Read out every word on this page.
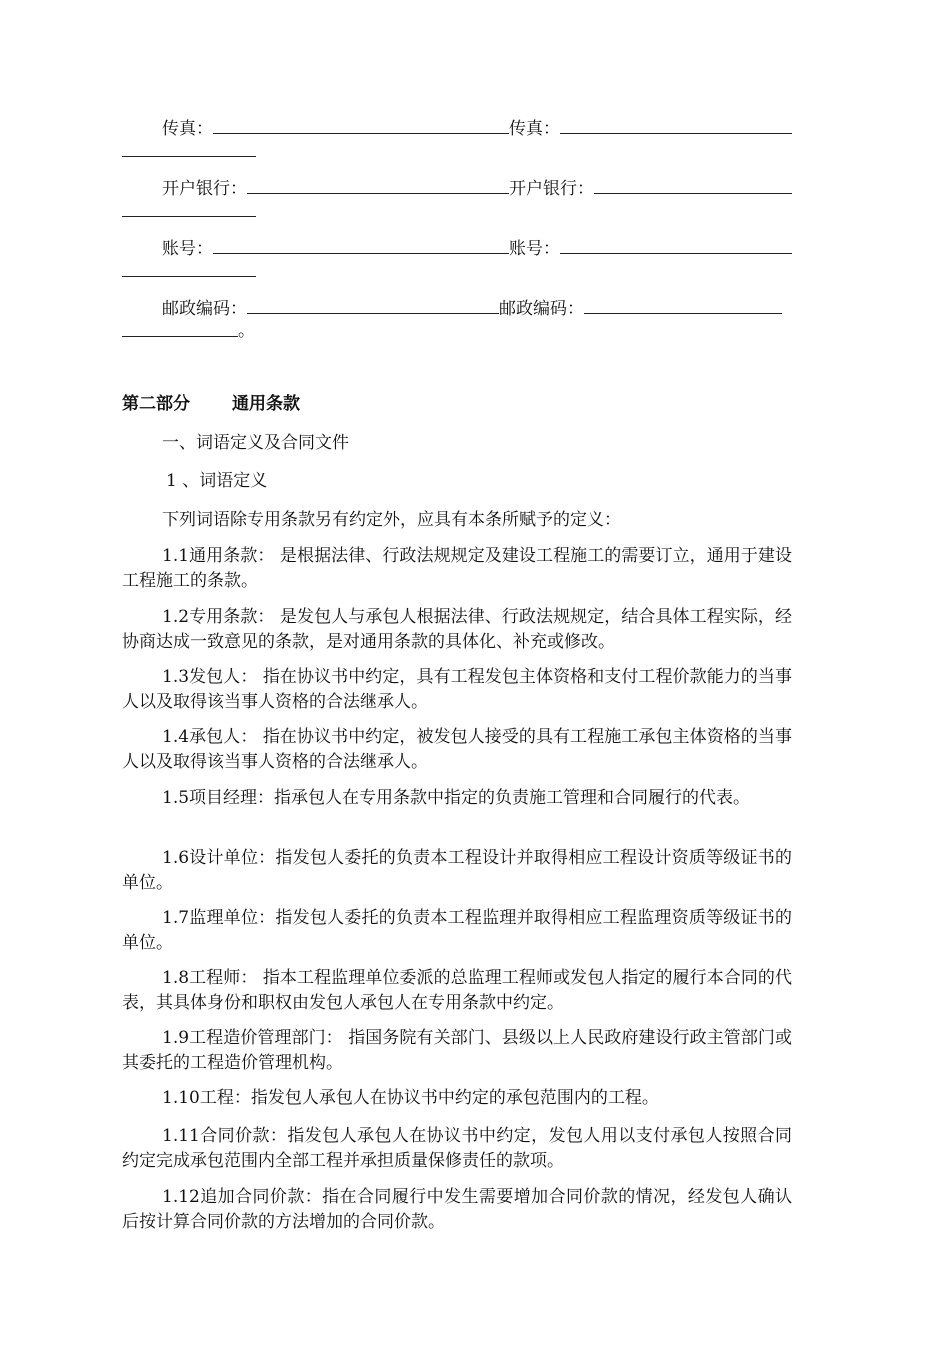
传真：	传真：
开户银行：	开户银行：
账号：	账号：
邮政编码：	邮政编码：
。
第二部分 通用条款
一、词语定义及合同文件
1 、词语定义
下列词语除专用条款另有约定外，应具有本条所赋予的定义：
1.1通用条款： 是根据法律、行政法规规定及建设工程施工的需要订立，通用于建设工程施工的条款。
1.2专用条款： 是发包人与承包人根据法律、行政法规规定，结合具体工程实际，经协商达成一致意见的条款，是对通用条款的具体化、补充或修改。
1.3发包人： 指在协议书中约定，具有工程发包主体资格和支付工程价款能力的当事人以及取得该当事人资格的合法继承人。
1.4承包人： 指在协议书中约定，被发包人接受的具有工程施工承包主体资格的当事人以及取得该当事人资格的合法继承人。
1.5项目经理：指承包人在专用条款中指定的负责施工管理和合同履行的代表。
1.6设计单位：指发包人委托的负责本工程设计并取得相应工程设计资质等级证书的单位。
1.7监理单位：指发包人委托的负责本工程监理并取得相应工程监理资质等级证书的单位。
1.8工程师： 指本工程监理单位委派的总监理工程师或发包人指定的履行本合同的代表，其具体身份和职权由发包人承包人在专用条款中约定。
1.9工程造价管理部门： 指国务院有关部门、县级以上人民政府建设行政主管部门或其委托的工程造价管理机构。
1.10工程：指发包人承包人在协议书中约定的承包范围内的工程。
1.11合同价款：指发包人承包人在协议书中约定，发包人用以支付承包人按照合同约定完成承包范围内全部工程并承担质量保修责任的款项。
1.12追加合同价款：指在合同履行中发生需要增加合同价款的情况，经发包人确认后按计算合同价款的方法增加的合同价款。
